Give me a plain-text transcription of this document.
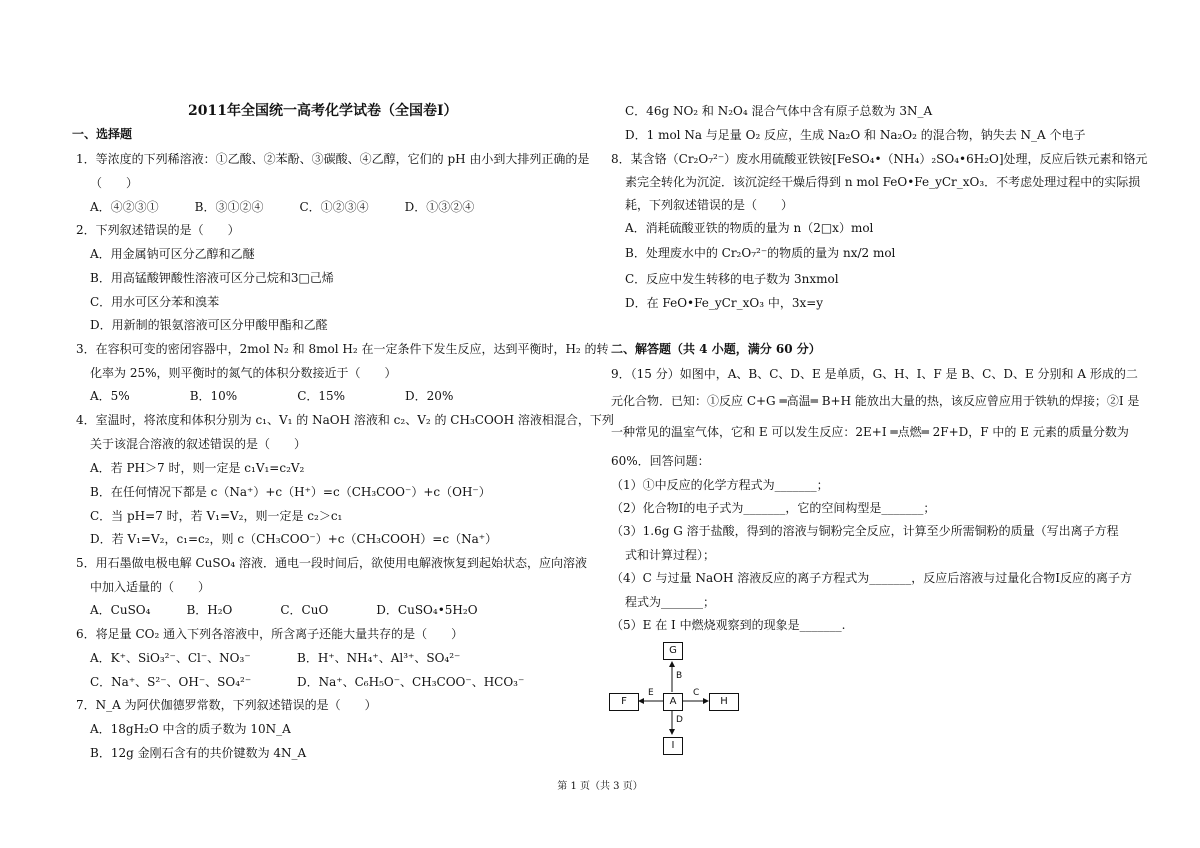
2011年全国统一高考化学试卷（全国卷I）
一、选择题
1．等浓度的下列稀溶液：①乙酸、②苯酚、③碳酸、④乙醇，它们的 pH 由小到大排列正确的是
（　　）
A．④②③①　　　B．③①②④　　　C．①②③④　　　D．①③②④
2．下列叙述错误的是（　　）
A．用金属钠可区分乙醇和乙醚
B．用高锰酸钾酸性溶液可区分己烷和3□己烯
C．用水可区分苯和溴苯
D．用新制的银氨溶液可区分甲酸甲酯和乙醛
3．在容积可变的密闭容器中，2mol N₂ 和 8mol H₂ 在一定条件下发生反应，达到平衡时，H₂ 的转
化率为 25%，则平衡时的氮气的体积分数接近于（　　）
A．5%　　　　　B．10%　　　　　C．15%　　　　　D．20%
4．室温时，将浓度和体积分别为 c₁、V₁ 的 NaOH 溶液和 c₂、V₂ 的 CH₃COOH 溶液相混合，下列
关于该混合溶液的叙述错误的是（　　）
A．若 PH＞7 时，则一定是 c₁V₁=c₂V₂
B．在任何情况下都是 c（Na⁺）+c（H⁺）=c（CH₃COO⁻）+c（OH⁻）
C．当 pH=7 时，若 V₁=V₂，则一定是 c₂＞c₁
D．若 V₁=V₂，c₁=c₂，则 c（CH₃COO⁻）+c（CH₃COOH）=c（Na⁺）
5．用石墨做电极电解 CuSO₄ 溶液．通电一段时间后，欲使用电解液恢复到起始状态，应向溶液
中加入适量的（　　）
A．CuSO₄　　　B．H₂O　　　　C．CuO　　　　D．CuSO₄•5H₂O
6．将足量 CO₂ 通入下列各溶液中，所含离子还能大量共存的是（　　）
A．K⁺、SiO₃²⁻、Cl⁻、NO₃⁻	B．H⁺、NH₄⁺、Al³⁺、SO₄²⁻
C．Na⁺、S²⁻、OH⁻、SO₄²⁻	D．Na⁺、C₆H₅O⁻、CH₃COO⁻、HCO₃⁻
7．N_A 为阿伏伽德罗常数，下列叙述错误的是（　　）
A．18gH₂O 中含的质子数为 10N_A
B．12g 金刚石含有的共价键数为 4N_A
C．46g NO₂ 和 N₂O₄ 混合气体中含有原子总数为 3N_A
D．1 mol Na 与足量 O₂ 反应，生成 Na₂O 和 Na₂O₂ 的混合物，钠失去 N_A 个电子
8．某含铬（Cr₂O₇²⁻）废水用硫酸亚铁铵[FeSO₄•（NH₄）₂SO₄•6H₂O]处理，反应后铁元素和铬元
素完全转化为沉淀．该沉淀经干燥后得到 n mol FeO•Fe_yCr_xO₃．不考虑处理过程中的实际损
耗，下列叙述错误的是（　　）
A．消耗硫酸亚铁的物质的量为 n（2□x）mol
B．处理废水中的 Cr₂O₇²⁻的物质的量为 nx/2 mol
C．反应中发生转移的电子数为 3nxmol
D．在 FeO•Fe_yCr_xO₃ 中，3x=y
二、解答题（共 4 小题，满分 60 分）
9．（15 分）如图中，A、B、C、D、E 是单质，G、H、I、F 是 B、C、D、E 分别和 A 形成的二
元化合物．已知：①反应 C+G ═高温═ B+H 能放出大量的热，该反应曾应用于铁轨的焊接；②I 是
一种常见的温室气体，它和 E 可以发生反应：2E+I ═点燃═ 2F+D，F 中的 E 元素的质量分数为
60%．回答问题：
（1）①中反应的化学方程式为_______；
（2）化合物I的电子式为_______，它的空间构型是_______；
（3）1.6g G 溶于盐酸，得到的溶液与铜粉完全反应，计算至少所需铜粉的质量（写出离子方程
式和计算过程）；
（4）C 与过量 NaOH 溶液反应的离子方程式为_______，反应后溶液与过量化合物I反应的离子方
程式为_______；
（5）E 在 I 中燃烧观察到的现象是_______.
G
A
F	H
I
B
E	C
D
第 1 页（共 3 页）
